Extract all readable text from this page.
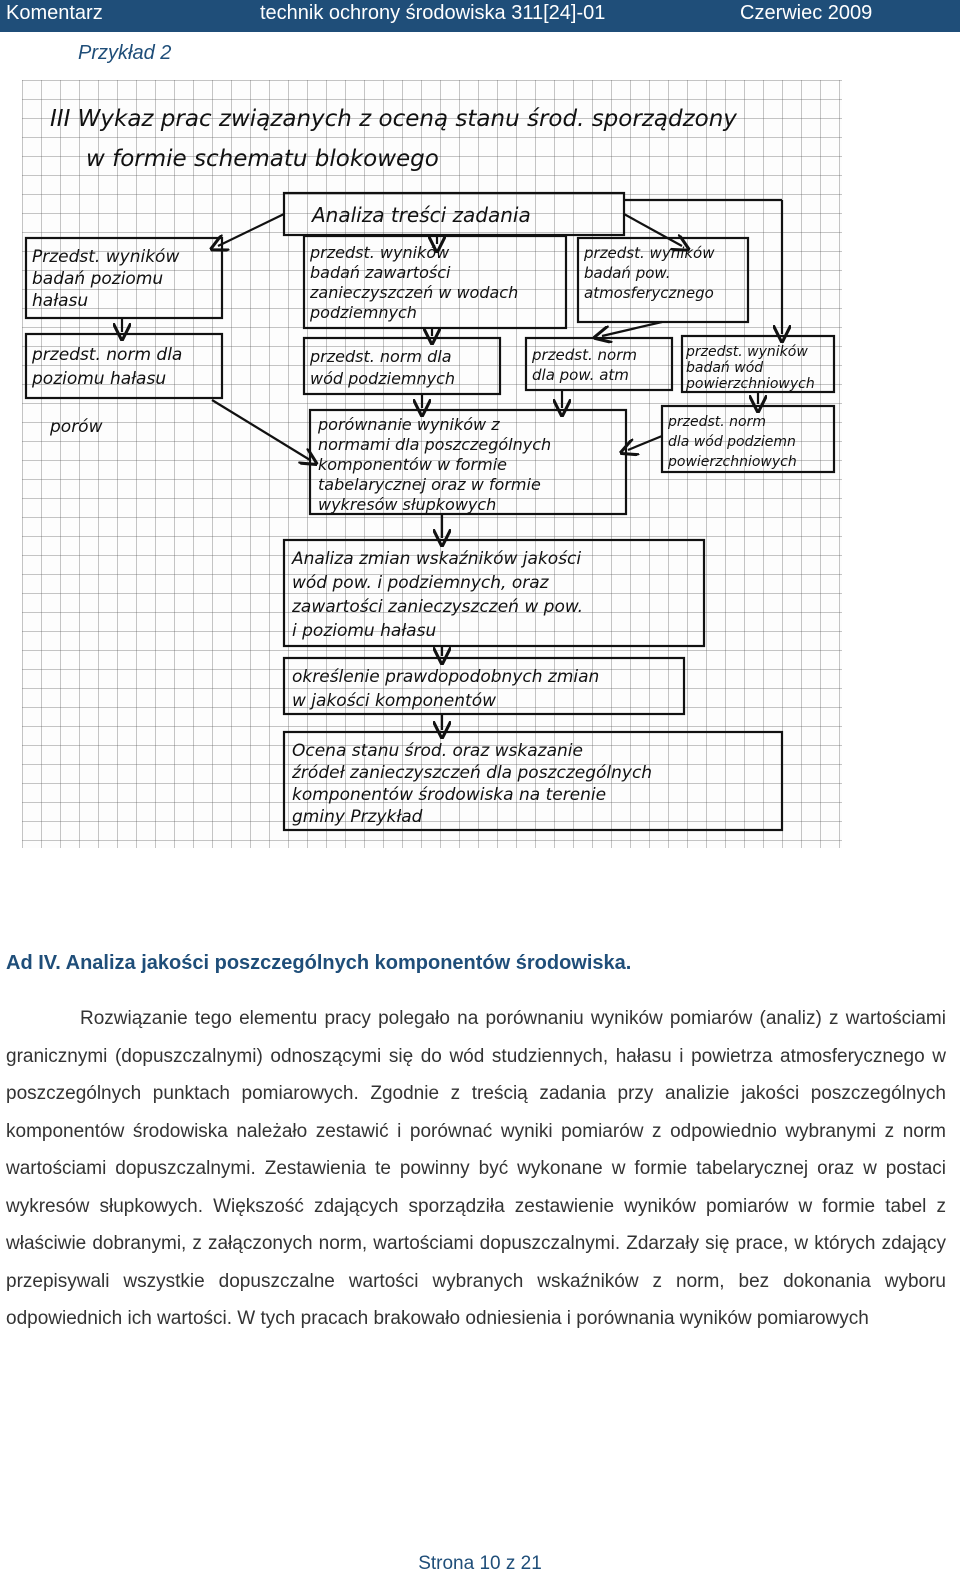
Komentarz	technik ochrony środowiska 311[24]-01	Czerwiec 2009
Przykład 2
III Wykaz prac związanych z oceną stanu środ. sporządzony
w formie schematu blokowego
Analiza treści zadania
Przedst. wyników
badań poziomu
hałasu
przedst. wyników
badań zawartości
zanieczyszczeń w wodach
podziemnych
przedst. wyników
badań pow.
atmosferycznego
przedst. norm dla
poziomu hałasu
przedst. norm dla
wód podziemnych
przedst. norm
dla pow. atm
przedst. wyników
badań wód
powierzchniowych
porów	przedst. norm
dla wód podziemn
powierzchniowych
porównanie wyników z
normami dla poszczególnych
komponentów w formie
tabelarycznej oraz w formie
wykresów słupkowych
Analiza zmian wskaźników jakości
wód pow. i podziemnych, oraz
zawartości zanieczyszczeń w pow.
i poziomu hałasu
określenie prawdopodobnych zmian
w jakości komponentów
Ocena stanu środ. oraz wskazanie
źródeł zanieczyszczeń dla poszczególnych
komponentów środowiska na terenie
gminy Przykład
Ad IV. Analiza jakości poszczególnych komponentów środowiska.

Rozwiązanie tego elementu pracy polegało na porównaniu wyników pomiarów (analiz) z wartościami granicznymi (dopuszczalnymi) odnoszącymi się do wód studziennych, hałasu i powietrza atmosferycznego w poszczególnych punktach pomiarowych. Zgodnie z treścią zadania przy analizie jakości poszczególnych komponentów środowiska należało zestawić i porównać wyniki pomiarów z odpowiednio wybranymi z norm wartościami dopuszczalnymi. Zestawienia te powinny być wykonane w formie tabelarycznej oraz w postaci wykresów słupkowych. Większość zdających sporządziła zestawienie wyników pomiarów w formie tabel z właściwie dobranymi, z załączonych norm, wartościami dopuszczalnymi. Zdarzały się prace, w których zdający przepisywali wszystkie dopuszczalne wartości wybranych wskaźników z norm, bez dokonania wyboru odpowiednich ich wartości. W tych pracach brakowało odniesienia i porównania wyników pomiarowych

Strona 10 z 21
